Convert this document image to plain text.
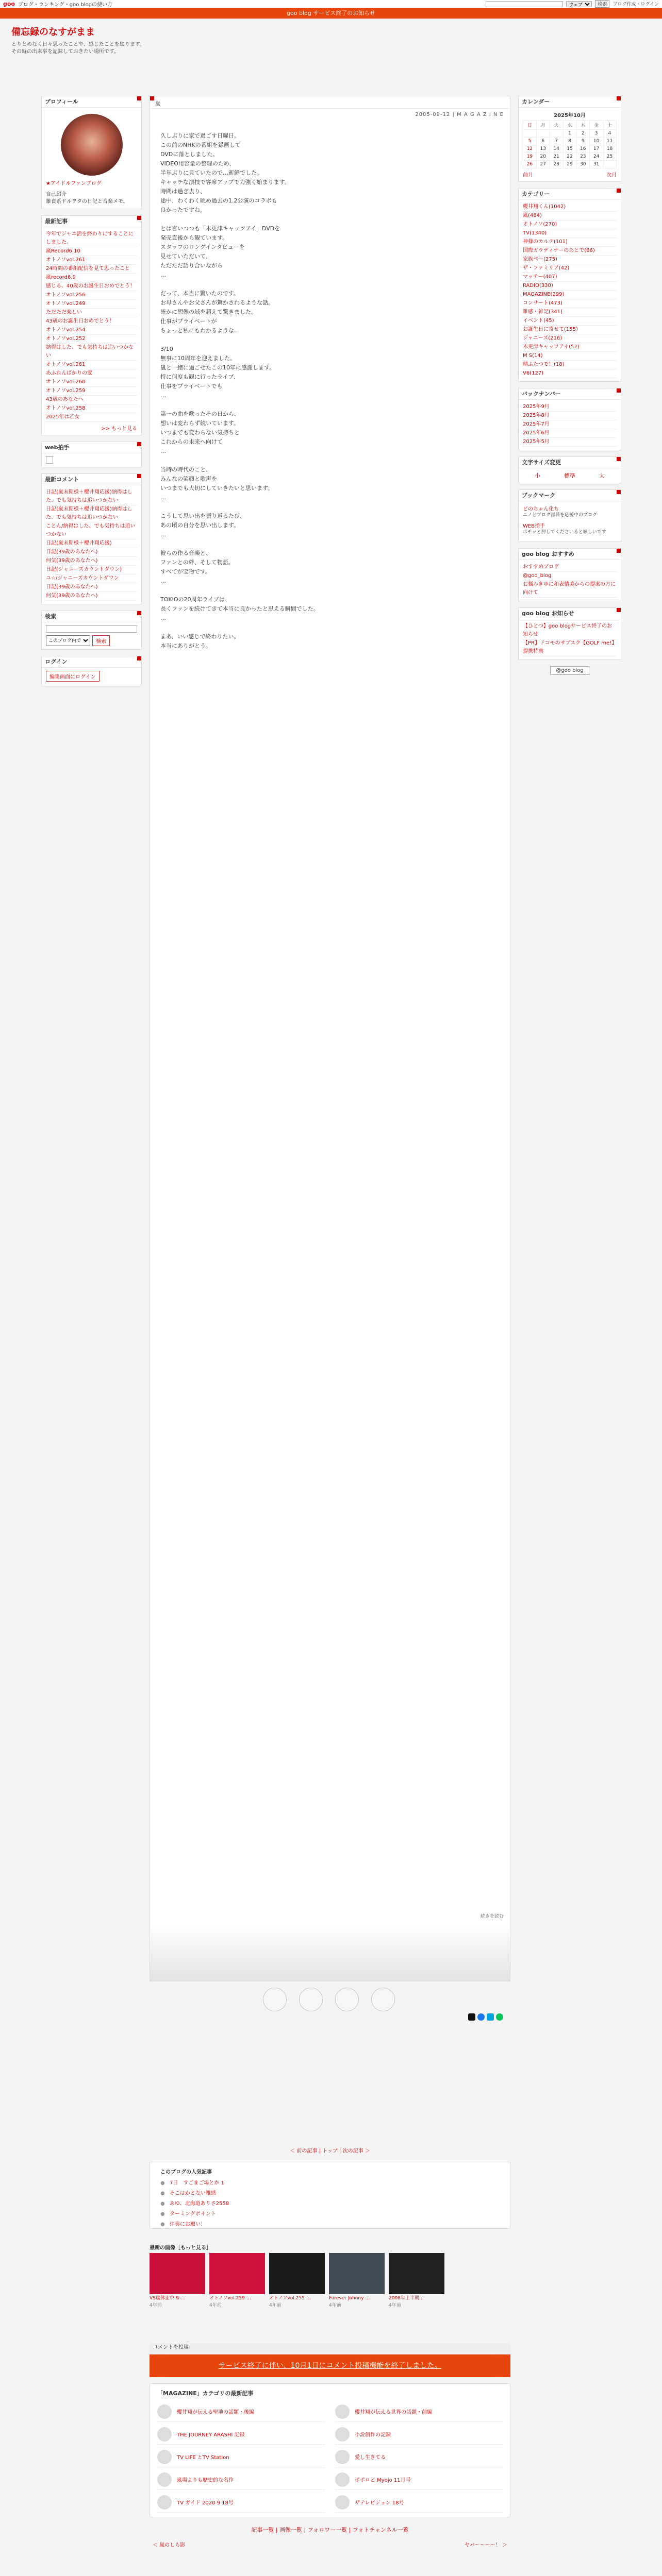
goo ブログ・ランキング・goo blogの使い方
ウェブ	検索	ブログ作成・ログイン
goo blog サービス終了のお知らせ
備忘録のなすがまま
とりとめなく日々思ったことや、感じたことを綴ります。その時の出来事を記録しておきたい場所です。
プロフィール
★アイドルファンブログ
自己紹介
雑食系ドルヲタの日記と音楽メモ。
最新記事
今年でジャニ活を終わりにすることにしました。
嵐Record6.10
オトノソvol.261
24時間の番組配信を見て思ったこと
嵐record6.9
感じる、40歳のお誕生日おめでとう！
オトノソvol.256
オトノソvol.249
ただただ楽しい
43歳のお誕生日おめでとう！
オトノソvol.254
オトノソvol.252
納得はした、でも気持ちは追いつかない
オトノソvol.261
あふれんばかりの愛
オトノソvol.260
オトノソvol.259
43歳のあなたへ
オトノソvol.258
2025年は乙女
>> もっと見る
web拍手
最新コメント
日記(嵐末期様＋櫻井翔応援)納得はした、でも気持ちは追いつかない
日記(嵐末期様＋櫻井翔応援)納得はした、でも気持ちは追いつかない
ことん/納得はした、でも気持ちは追いつかない
日記(嵐末期様＋櫻井翔応援)
日記(39歳のあなたへ)
何気(39歳のあなたへ)
日記(ジャニーズカウントダウン)
ユ☆/ジャニーズカウントダウン
日記(39歳のあなたへ)
何気(39歳のあなたへ)
検索
このブログ内で
検索
ログイン
編集画面にログイン
嵐
2005-09-12 | M A G A Z I N E

久しぶりに家で過ごす日曜日。
この前のNHKの番組を録画して
DVDに落としました。
VIDEO用容量の整理のため、
半年ぶりに見ていたので…新鮮でした。
キャッチな演技で客席アップで力強く始まります。
時間は過ぎ去り、
途中、わくわく眺め過去の1.2公演のコラボも
良かったですね。

とは言いつつも「木更津キャッツアイ」DVDを
発売直後から観ています。
スタッフのロングインタビューを
見せていただいて、
ただただ語り合いながら
…

だって、本当に驚いたのです。
お母さんやお父さんが驚かされるような話。
確かに想像の域を超えて驚きました。
仕事がプライベートが
ちょっと私にもわかるような…

3/10
無事に10周年を迎えました。
嵐と一緒に過ごせたこの10年に感謝します。
特に何度も観に行ったライブ、
仕事をプライベートでも
…

第一の曲を歌ったその日から、
想いは変わらず続いています。
いつまでも変わらない気持ちと
これからの未来へ向けて
…

当時の時代のこと、
みんなの笑顔と歌声を
いつまでも大切にしていきたいと思います。
…

こうして思い出を振り返るたび、
あの頃の自分を思い出します。
…

彼らの作る音楽と、
ファンとの絆、そして物語。
すべてが宝物です。
…

TOKIOの20周年ライブは、
長くファンを続けてきて本当に良かったと思える瞬間でした。
…

まあ、いい感じで終わりたい。
本当にありがとう。

続きを読む
＜ 前の記事 | トップ | 次の記事 ＞
このブログの人気記事
● 7日　すごまご場とか 1
● そこはかとない雑感
● あゆ、北海道ありさ2558
● ターミングポイント
● 伴奏にお願い！
最新の画像［もっと見る］
VS嵐休止中 & …
4年前
オトノソvol.259 …
4年前
オトノソvol.255 …
4年前
Forever Johnny …
4年前
2008年上半期…
4年前
コメントを投稿
サービス終了に伴い、10月1日にコメント投稿機能を終了しました。
「MAGAZINE」カテゴリの最新記事
櫻井翔が伝える聖地の話題・後編	櫻井翔が伝える世界の話題・前編
THE JOURNEY ARASHI 記録	小説創作の記録
TV LIFE とTV Station	愛し生きてる
嵐場よりも歴史的な名作	ポポロと Myojo 11月号
TV ガイド 2020 9 18号	ザテレビジョン 18号
記事一覧 | 画像一覧 | フォロワー一覧 | フォトチャンネル一覧
＜ 嵐のしら影	ヤバ〜〜〜〜！ ＞
カレンダー
2025年10月
日	月	火	水	木	金	土
			1	2	3	4
5	6	7	8	9	10	11
12	13	14	15	16	17	18
19	20	21	22	23	24	25
26	27	28	29	30	31	
前月	次月
カテゴリー
櫻井翔くん(1042)
嵐(484)
オトノソ(270)
TV(1340)
神様のカルテ(101)
国際ガラディナーのあとで(66)
家族ペー(275)
ザ・ファミリア(42)
マッチー(407)
RADIO(330)
MAGAZINE(299)
コンサート(473)
雑感・雑記(341)
イベント(45)
お誕生日に寄せて(155)
ジャニーズ(216)
木更津キャッツアイ(52)
M S(14)
晴ふたつで！(18)
V6(127)
バックナンバー
2025年9月
2025年8月
2025年7月
2025年6月
2025年5月
文字サイズ変更
小	標準	大
ブックマーク
ビのちゃん化ち
ニノとブログ部員を応援中のブログ
WEB指手
ポチッと押してくださいると嬉しいです
goo blog おすすめ
おすすめブログ
@goo_blog
お悩みきゆに和表情美からの提案の方に向けて
goo blog お知らせ
【ひとつ】goo blogサービス終了のお知らせ
【PR】ドコモのサブスク【GOLF me!】提携特典
@goo blog
